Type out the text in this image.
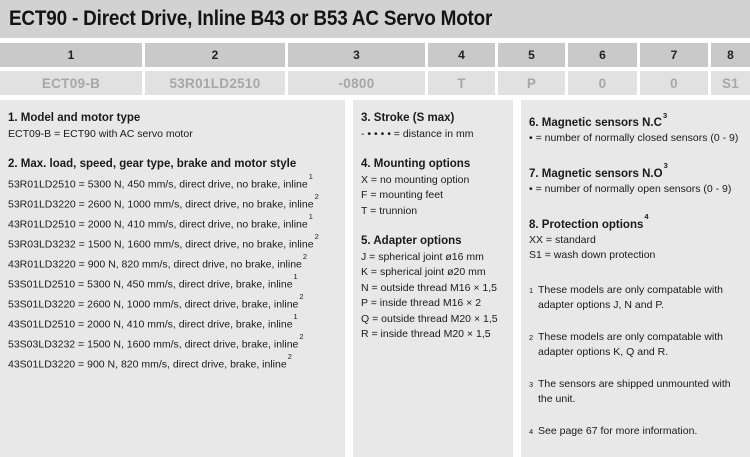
ECT90 - Direct Drive, Inline B43 or B53 AC Servo Motor
1	2	3	4	5	6	7	8
ECT09-B	53R01LD2510	-0800	T	P	0	0	S1
1. Model and motor type
ECT09-B = ECT90 with AC servo motor
2. Max. load, speed, gear type, brake and motor style
53R01LD2510 = 5300 N, 450 mm/s, direct drive, no brake, inline$^1$
53R01LD3220 = 2600 N, 1000 mm/s, direct drive, no brake, inline$^2$
43R01LD2510 = 2000 N, 410 mm/s, direct drive, no brake, inline$^1$
53R03LD3232 = 1500 N, 1600 mm/s, direct drive, no brake, inline$^2$
43R01LD3220 = 900 N, 820 mm/s, direct drive, no brake, inline$^2$
53S01LD2510 = 5300 N, 450 mm/s, direct drive, brake, inline$^1$
53S01LD3220 = 2600 N, 1000 mm/s, direct drive, brake, inline$^2$
43S01LD2510 = 2000 N, 410 mm/s, direct drive, brake, inline$^1$
53S03LD3232 = 1500 N, 1600 mm/s, direct drive, brake, inline$^2$
43S01LD3220 = 900 N, 820 mm/s, direct drive, brake, inline$^2$
3. Stroke (S max)
- • • • • = distance in mm
4. Mounting options
X = no mounting option
F = mounting feet
T = trunnion
5. Adapter options
J = spherical joint ø16 mm
K = spherical joint ø20 mm
N = outside thread M16 × 1,5
P = inside thread M16 × 2
Q = outside thread M20 × 1,5
R = inside thread M20 × 1,5
6. Magnetic sensors $N.C^3$
• = number of normally closed sensors (0 - 9)
7. Magnetic sensors $N.O^3$
• = number of normally open sensors (0 - 9)
8. Protection options$^4$
XX = standard
S1 = wash down protection
1 These models are only compatable with adapter options J, N and P.
2 These models are only compatable with adapter options K, Q and R.
3 The sensors are shipped unmounted with the unit.
4 See page 67 for more information.
